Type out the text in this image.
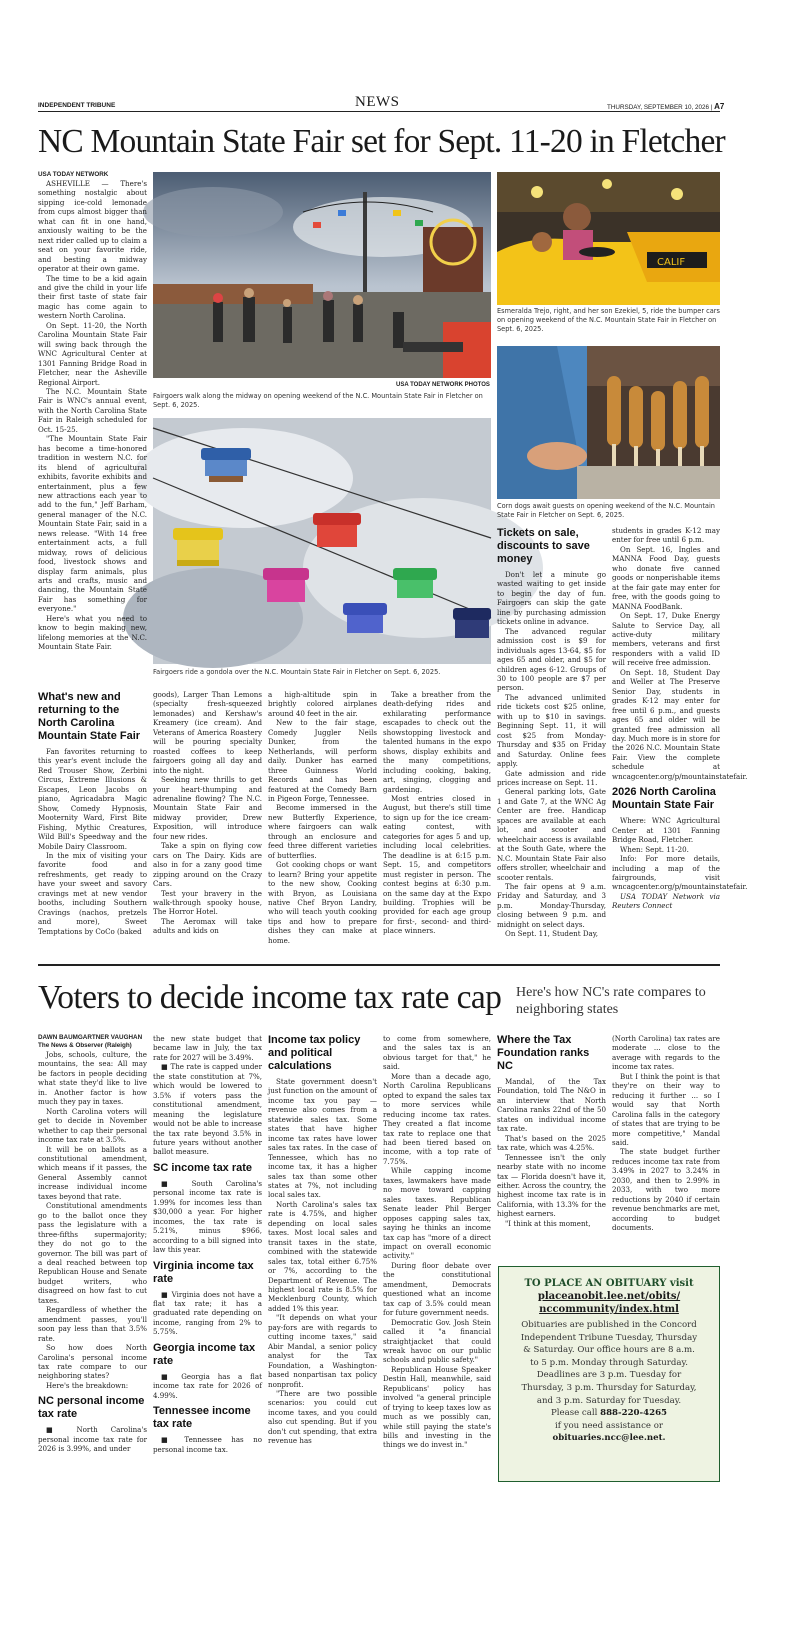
INDEPENDENT TRIBUNE	NEWS	THURSDAY, SEPTEMBER 10, 2026 | A7
NC Mountain State Fair set for Sept. 11-20 in Fletcher
USA TODAY NETWORK PHOTOS
Fairgoers walk along the midway on opening weekend of the N.C. Mountain State Fair in Fletcher on Sept. 6, 2025.
Fairgoers ride a gondola over the N.C. Mountain State Fair in Fletcher on Sept. 6, 2025.
CALIF
Esmeralda Trejo, right, and her son Ezekiel, 5, ride the bumper cars on opening weekend of the N.C. Mountain State Fair in Fletcher on Sept. 6, 2025.
Corn dogs await guests on opening weekend of the N.C. Mountain State Fair in Fletcher on Sept. 6, 2025.

USA TODAY NETWORK

ASHEVILLE — There's something nostalgic about sipping ice-cold lemonade from cups almost bigger than what can fit in one hand, anxiously waiting to be the next rider called up to claim a seat on your favorite ride, and besting a midway operator at their own game.

The time to be a kid again and give the child in your life their first taste of state fair magic has come again to western North Carolina.

On Sept. 11-20, the North Carolina Mountain State Fair will swing back through the WNC Agricultural Center at 1301 Fanning Bridge Road in Fletcher, near the Asheville Regional Airport.

The N.C. Mountain State Fair is WNC's annual event, with the North Carolina State Fair in Raleigh scheduled for Oct. 15-25.

"The Mountain State Fair has become a time-honored tradition in western N.C. for its blend of agricultural exhibits, favorite exhibits and entertainment, plus a few new attractions each year to add to the fun," Jeff Barham, general manager of the N.C. Mountain State Fair, said in a news release. "With 14 free entertainment acts, a full midway, rows of delicious food, livestock shows and display farm animals, plus arts and crafts, music and dancing, the Mountain State Fair has something for everyone."

Here's what you need to know to begin making new, lifelong memories at the N.C. Mountain State Fair.

What's new and returning to the North Carolina Mountain State Fair

Fan favorites returning to this year's event include the Red Trouser Show, Zerbini Circus, Extreme Illusions & Escapes, Leon Jacobs on piano, Agricadabra Magic Show, Comedy Hypnosis, Mooternity Ward, First Bite Fishing, Mythic Creatures, Wild Bill's Speedway and the Mobile Dairy Classroom.

In the mix of visiting your favorite food and refreshments, get ready to have your sweet and savory cravings met at new vendor booths, including Southern Cravings (nachos, pretzels and more), Sweet Temptations by CoCo (baked

goods), Larger Than Lemons (specialty fresh-squeezed lemonades) and Kershaw's Kreamery (ice cream). And Veterans of America Roastery will be pouring specialty roasted coffees to keep fairgoers going all day and into the night.

Seeking new thrills to get your heart-thumping and adrenaline flowing? The N.C. Mountain State Fair and midway provider, Drew Exposition, will introduce four new rides.

Take a spin on flying cow cars on The Dairy. Kids are also in for a zany good time zipping around on the Crazy Cars.

Test your bravery in the walk-through spooky house, The Horror Hotel.

The Aeromax will take adults and kids on

a high-altitude spin in brightly colored airplanes around 40 feet in the air.

New to the fair stage, Comedy Juggler Neils Dunker, from the Netherlands, will perform daily. Dunker has earned three Guinness World Records and has been featured at the Comedy Barn in Pigeon Forge, Tennessee.

Become immersed in the new Butterfly Experience, where fairgoers can walk through an enclosure and feed three different varieties of butterflies.

Got cooking chops or want to learn? Bring your appetite to the new show, Cooking with Bryon, as Louisiana native Chef Bryon Landry, who will teach youth cooking tips and how to prepare dishes they can make at home.

Take a breather from the death-defying rides and exhilarating performance escapades to check out the showstopping livestock and talented humans in the expo shows, display exhibits and the many competitions, including cooking, baking, art, singing, clogging and gardening.

Most entries closed in August, but there's still time to sign up for the ice cream-eating contest, with categories for ages 5 and up, including local celebrities. The deadline is at 6:15 p.m. Sept. 15, and competitors must register in person. The contest begins at 6:30 p.m. on the same day at the Expo building. Trophies will be provided for each age group for first-, second- and third-place winners.

Tickets on sale, discounts to save money

Don't let a minute go wasted waiting to get inside to begin the day of fun. Fairgoers can skip the gate line by purchasing admission tickets online in advance.

The advanced regular admission cost is $9 for individuals ages 13-64, $5 for ages 65 and older, and $5 for children ages 6-12. Groups of 30 to 100 people are $7 per person.

The advanced unlimited ride tickets cost $25 online, with up to $10 in savings. Beginning Sept. 11, it will cost $25 from Monday-Thursday and $35 on Friday and Saturday. Online fees apply.

Gate admission and ride prices increase on Sept. 11.

General parking lots, Gate 1 and Gate 7, at the WNC Ag Center are free. Handicap spaces are available at each lot, and scooter and wheelchair access is available at the South Gate, where the N.C. Mountain State Fair also offers stroller, wheelchair and scooter rentals.

The fair opens at 9 a.m. Friday and Saturday, and 3 p.m. Monday-Thursday, closing between 9 p.m. and midnight on select days.

On Sept. 11, Student Day,

students in grades K-12 may enter for free until 6 p.m.

On Sept. 16, Ingles and MANNA Food Day, guests who donate five canned goods or nonperishable items at the fair gate may enter for free, with the goods going to MANNA FoodBank.

On Sept. 17, Duke Energy Salute to Service Day, all active-duty military members, veterans and first responders with a valid ID will receive free admission.

On Sept. 18, Student Day and Weller at The Preserve Senior Day, students in grades K-12 may enter for free until 6 p.m., and guests ages 65 and older will be granted free admission all day. Much more is in store for the 2026 N.C. Mountain State Fair. View the complete schedule at wncagcenter.org/p/mountainstatefair.

2026 North Carolina Mountain State Fair

Where: WNC Agricultural Center at 1301 Fanning Bridge Road, Fletcher.

When: Sept. 11-20.

Info: For more details, including a map of the fairgrounds, visit wncagcenter.org/p/mountainstatefair.

USA TODAY Network via Reuters Connect

Voters to decide income tax rate cap Here's how NC's rate compares to neighboring states

DAWN BAUMGARTNER VAUGHAN

The News & Observer (Raleigh)

Jobs, schools, culture, the mountains, the sea: All may be factors in people deciding what state they'd like to live in. Another factor is how much they pay in taxes.

North Carolina voters will get to decide in November whether to cap their personal income tax rate at 3.5%.

It will be on ballots as a constitutional amendment, which means if it passes, the General Assembly cannot increase individual income taxes beyond that rate.

Constitutional amendments go to the ballot once they pass the legislature with a three-fifths supermajority; they do not go to the governor. The bill was part of a deal reached between top Republican House and Senate budget writers, who disagreed on how fast to cut taxes.

Regardless of whether the amendment passes, you'll soon pay less than that 3.5% rate.

So how does North Carolina's personal income tax rate compare to our neighboring states?

Here's the breakdown:

NC personal income tax rate

■ North Carolina's personal income tax rate for 2026 is 3.99%, and under

the new state budget that became law in July, the tax rate for 2027 will be 3.49%.

■ The rate is capped under the state constitution at 7%, which would be lowered to 3.5% if voters pass the constitutional amendment, meaning the legislature would not be able to increase the tax rate beyond 3.5% in future years without another ballot measure.

SC income tax rate

■ South Carolina's personal income tax rate is 1.99% for incomes less than $30,000 a year. For higher incomes, the tax rate is 5.21%, minus $966, according to a bill signed into law this year.

Virginia income tax rate

■ Virginia does not have a flat tax rate; it has a graduated rate depending on income, ranging from 2% to 5.75%.

Georgia income tax rate

■ Georgia has a flat income tax rate for 2026 of 4.99%.

Tennessee income tax rate

■ Tennessee has no personal income tax.

Income tax policy and political calculations

State government doesn't just function on the amount of income tax you pay — revenue also comes from a statewide sales tax. Some states that have higher income tax rates have lower sales tax rates. In the case of Tennessee, which has no income tax, it has a higher sales tax than some other states at 7%, not including local sales tax.

North Carolina's sales tax rate is 4.75%, and higher depending on local sales taxes. Most local sales and transit taxes in the state, combined with the statewide sales tax, total either 6.75% or 7%, according to the Department of Revenue. The highest local rate is 8.5% for Mecklenburg County, which added 1% this year.

"It depends on what your pay-fors are with regards to cutting income taxes," said Abir Mandal, a senior policy analyst for the Tax Foundation, a Washington-based nonpartisan tax policy nonprofit.

"There are two possible scenarios: you could cut income taxes, and you could also cut spending. But if you don't cut spending, that extra revenue has

to come from somewhere, and the sales tax is an obvious target for that," he said.

More than a decade ago, North Carolina Republicans opted to expand the sales tax to more services while reducing income tax rates. They created a flat income tax rate to replace one that had been tiered based on income, with a top rate of 7.75%.

While capping income taxes, lawmakers have made no move toward capping sales taxes. Republican Senate leader Phil Berger opposes capping sales tax, saying he thinks an income tax cap has "more of a direct impact on overall economic activity."

During floor debate over the constitutional amendment, Democrats questioned what an income tax cap of 3.5% could mean for future government needs.

Democratic Gov. Josh Stein called it "a financial straightjacket that could wreak havoc on our public schools and public safety."

Republican House Speaker Destin Hall, meanwhile, said Republicans' policy has involved "a general principle of trying to keep taxes low as much as we possibly can, while still paying the state's bills and investing in the things we do invest in."

Where the Tax Foundation ranks NC

Mandal, of the Tax Foundation, told The N&O in an interview that North Carolina ranks 22nd of the 50 states on individual income tax rate.

That's based on the 2025 tax rate, which was 4.25%.

Tennessee isn't the only nearby state with no income tax — Florida doesn't have it, either. Across the country, the highest income tax rate is in California, with 13.3% for the highest earners.

"I think at this moment,

(North Carolina) tax rates are moderate ... close to the average with regards to the income tax rates.

But I think the point is that they're on their way to reducing it further ... so I would say that North Carolina falls in the category of states that are trying to be more competitive," Mandal said.

The state budget further reduces income tax rate from 3.49% in 2027 to 3.24% in 2030, and then to 2.99% in 2033, with two more reductions by 2040 if certain revenue benchmarks are met, according to budget documents.

TO PLACE AN OBITUARY visit
placeanobit.lee.net/obits/
nccommunity/index.html
Obituaries are published in the Concord
Independent Tribune Tuesday, Thursday
& Saturday. Our office hours are 8 a.m.
to 5 p.m. Monday through Saturday.
Deadlines are 3 p.m. Tuesday for
Thursday, 3 p.m. Thursday for Saturday,
and 3 p.m. Saturday for Tuesday.
Please call 888-220-4265
if you need assistance or
obituaries.ncc@lee.net.
